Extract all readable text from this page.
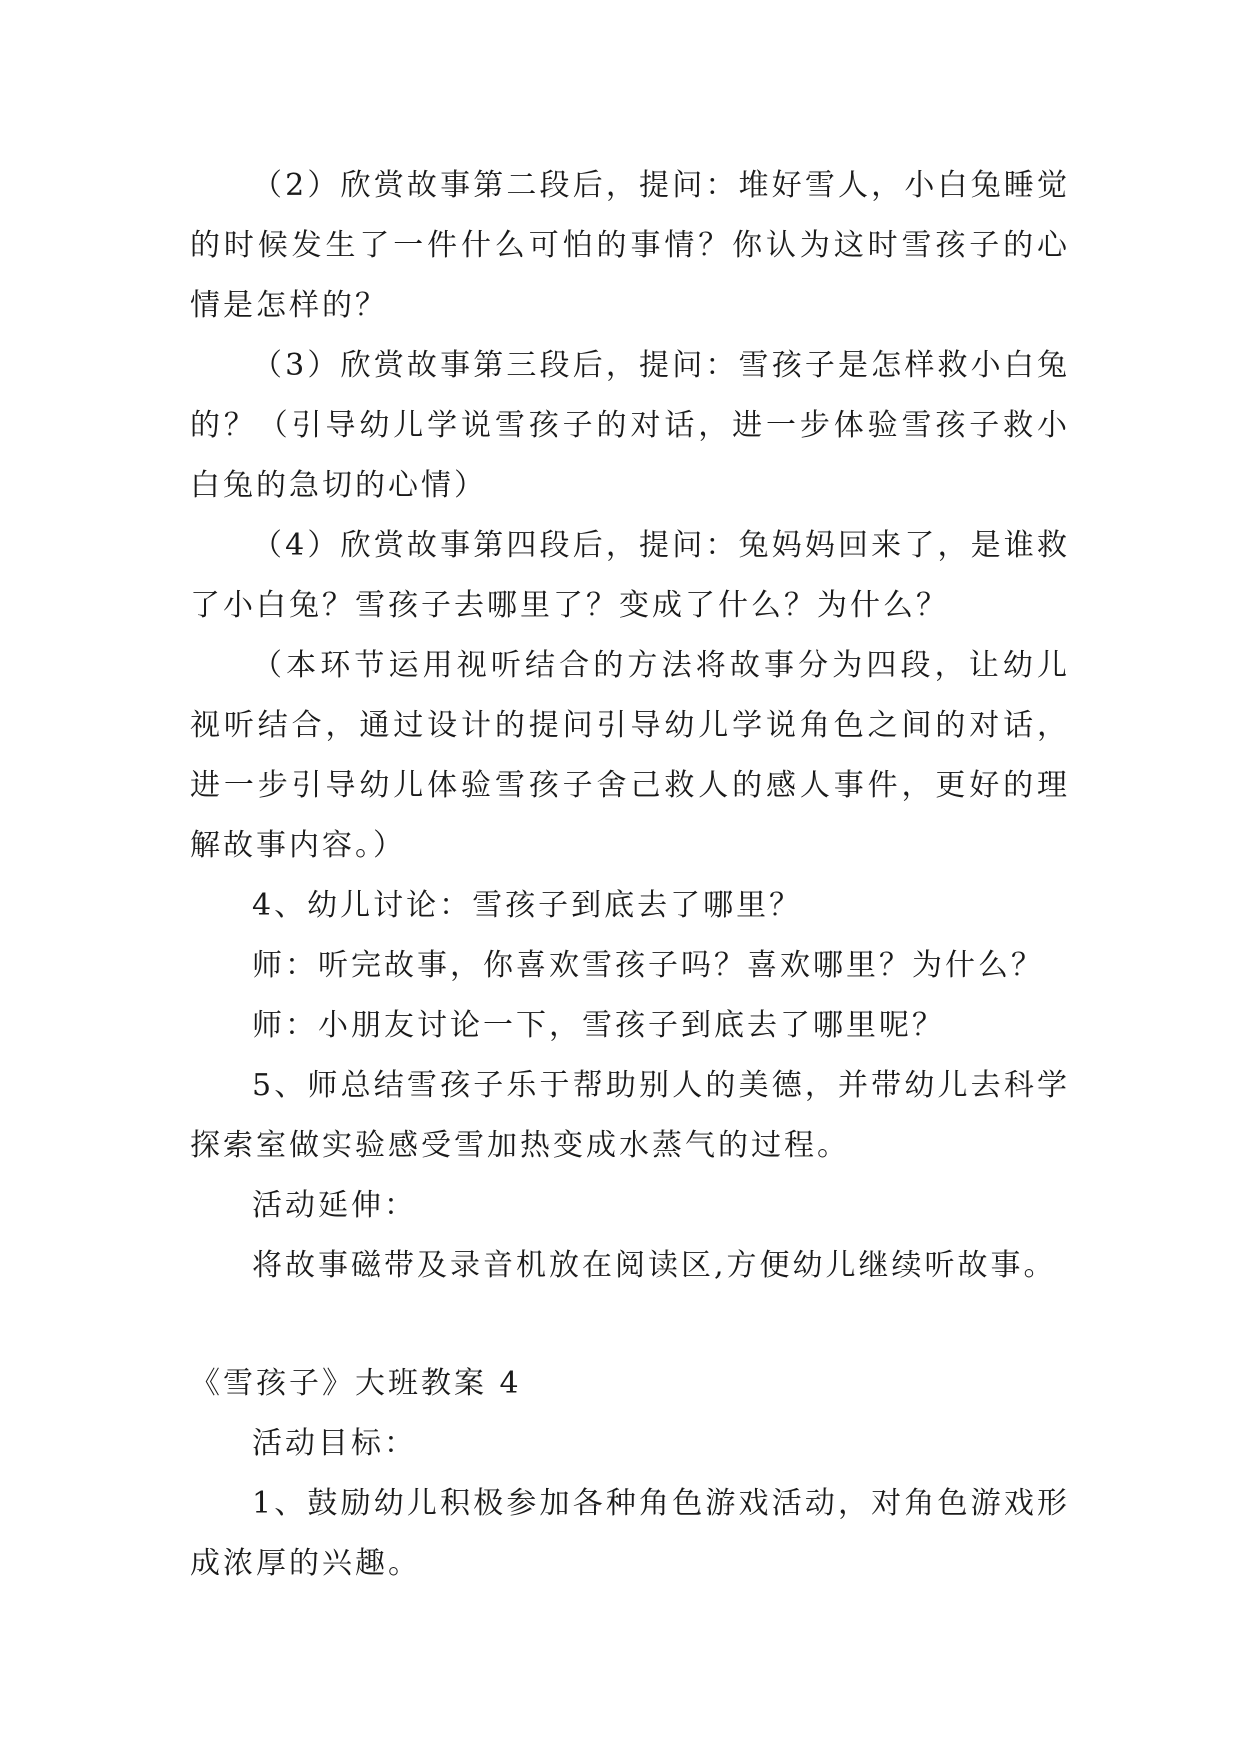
（2）欣赏故事第二段后，提问：堆好雪人，小白兔睡觉的时候发生了一件什么可怕的事情？你认为这时雪孩子的心情是怎样的？

（3）欣赏故事第三段后，提问：雪孩子是怎样救小白兔的？（引导幼儿学说雪孩子的对话，进一步体验雪孩子救小白兔的急切的心情）

（4）欣赏故事第四段后，提问：兔妈妈回来了，是谁救了小白兔？雪孩子去哪里了？变成了什么？为什么？

（本环节运用视听结合的方法将故事分为四段，让幼儿视听结合，通过设计的提问引导幼儿学说角色之间的对话，进一步引导幼儿体验雪孩子舍己救人的感人事件，更好的理解故事内容。）

4、幼儿讨论：雪孩子到底去了哪里？

师：听完故事，你喜欢雪孩子吗？喜欢哪里？为什么？

师：小朋友讨论一下，雪孩子到底去了哪里呢？

5、师总结雪孩子乐于帮助别人的美德，并带幼儿去科学探索室做实验感受雪加热变成水蒸气的过程。

活动延伸：

将故事磁带及录音机放在阅读区,方便幼儿继续听故事。

《雪孩子》大班教案 4

活动目标：

1、鼓励幼儿积极参加各种角色游戏活动，对角色游戏形成浓厚的兴趣。
